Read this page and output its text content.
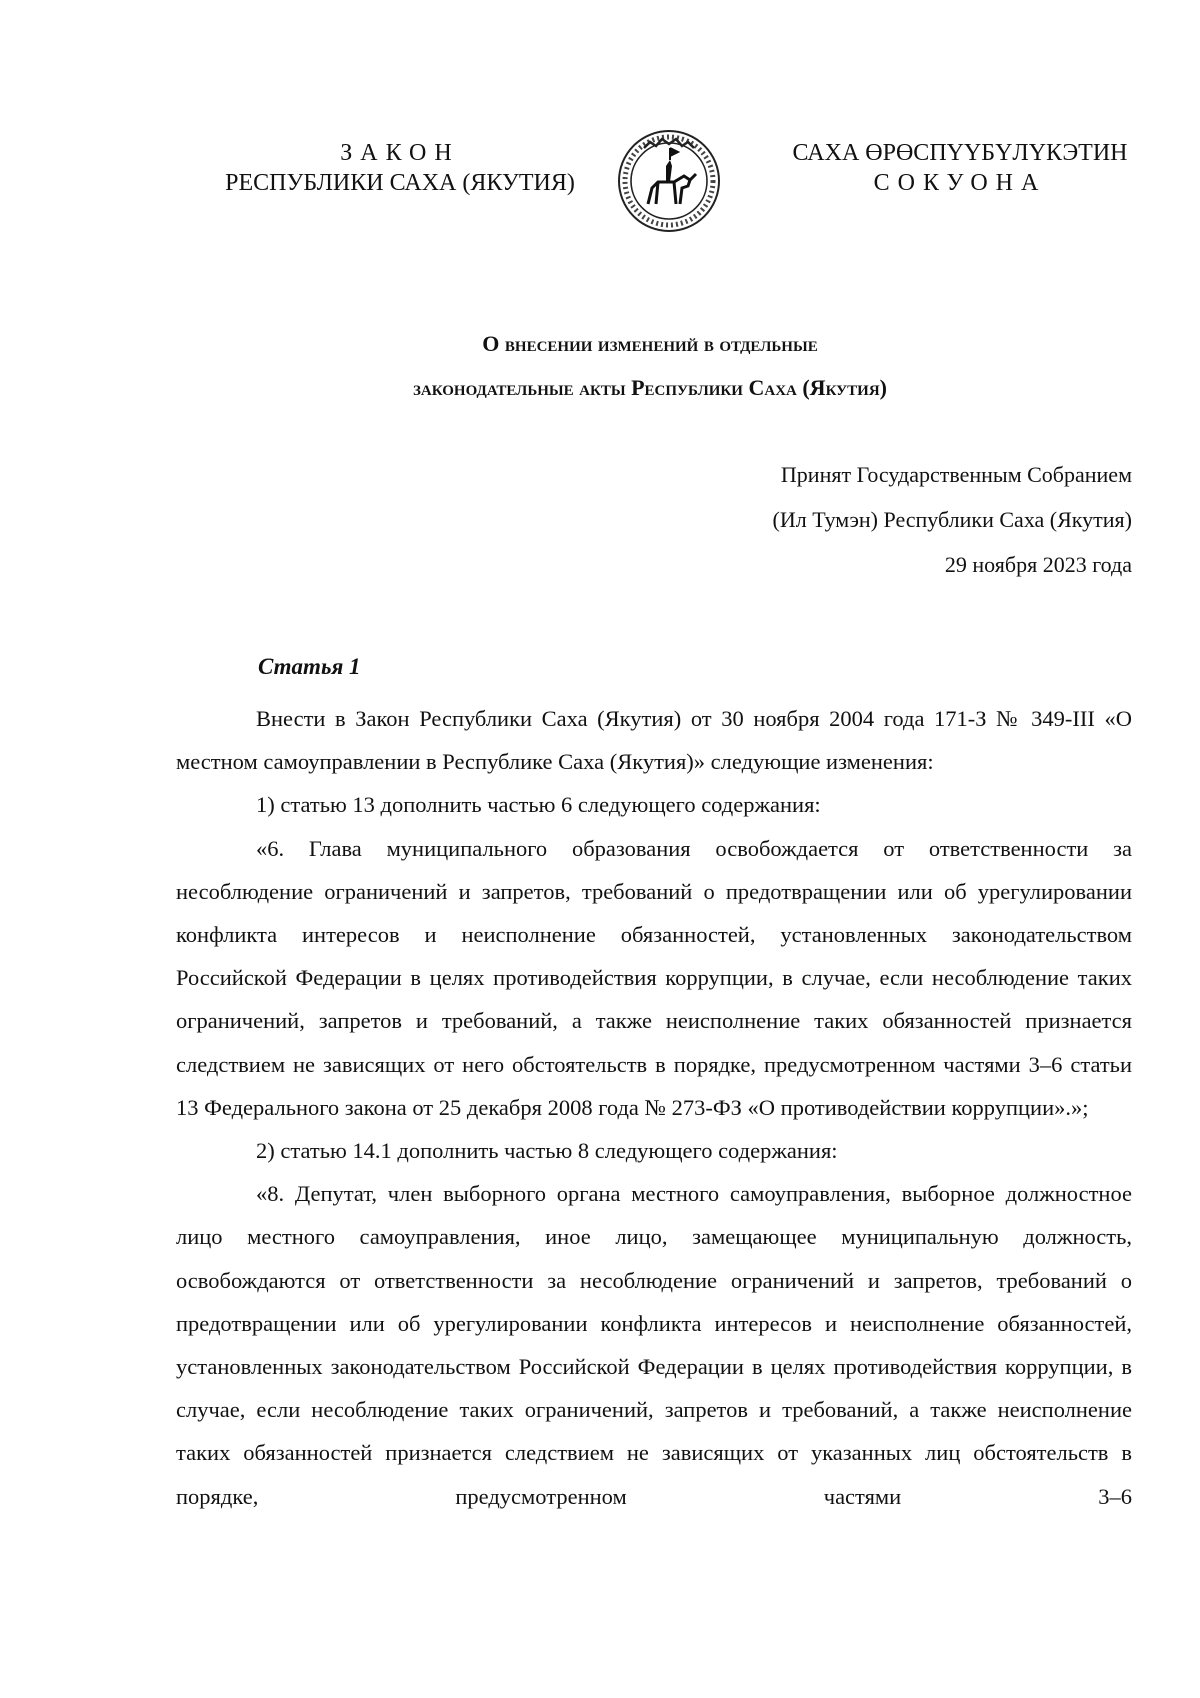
ЗАКОН
РЕСПУБЛИКИ САХА (ЯКУТИЯ)
САХА ӨРӨСПҮҮБҮЛҮКЭТИН
СОКУОНА
О внесении изменений в отдельные
законодательные акты Республики Саха (Якутия)
Принят Государственным Собранием
(Ил Тумэн) Республики Саха (Якутия)
29 ноября 2023 года
Статья 1

Внести в Закон Республики Саха (Якутия) от 30 ноября 2004 года 171-З № 349-III «О местном самоуправлении в Республике Саха (Якутия)» следующие изменения:

1) статью 13 дополнить частью 6 следующего содержания:

«6. Глава муниципального образования освобождается от ответственности за несоблюдение ограничений и запретов, требований о предотвращении или об урегулировании конфликта интересов и неисполнение обязанностей, установленных законодательством Российской Федерации в целях противодействия коррупции, в случае, если несоблюдение таких ограничений, запретов и требований, а также неисполнение таких обязанностей признается следствием не зависящих от него обстоятельств в порядке, предусмотренном частями 3–6 статьи 13 Федерального закона от 25 декабря 2008 года № 273-ФЗ «О противодействии коррупции».»;

2) статью 14.1 дополнить частью 8 следующего содержания:

«8. Депутат, член выборного органа местного самоуправления, выборное должностное лицо местного самоуправления, иное лицо, замещающее муниципальную должность, освобождаются от ответственности за несоблюдение ограничений и запретов, требований о предотвращении или об урегулировании конфликта интересов и неисполнение обязанностей, установленных законодательством Российской Федерации в целях противодействия коррупции, в случае, если несоблюдение таких ограничений, запретов и требований, а также неисполнение таких обязанностей признается следствием не зависящих от указанных лиц обстоятельств в порядке, предусмотренном частями 3–6
